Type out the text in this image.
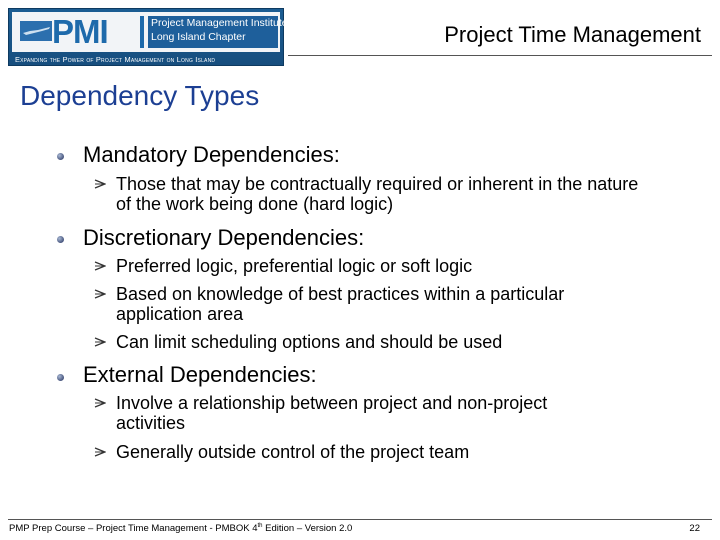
PMI	Project Management Institute
Long Island Chapter
Expanding the Power of Project Management on Long Island
Project Time Management
Dependency Types
Mandatory Dependencies:
Those that may be contractually required or inherent in the nature of the work being done (hard logic)
Discretionary Dependencies:
Preferred logic, preferential logic or soft logic
Based on knowledge of best practices within a particular application area
Can limit scheduling options and should be used
External Dependencies:
Involve a relationship between project and non-project activities
Generally outside control of the project team
PMP Prep Course – Project Time Management - PMBOK 4th Edition – Version 2.0	22
